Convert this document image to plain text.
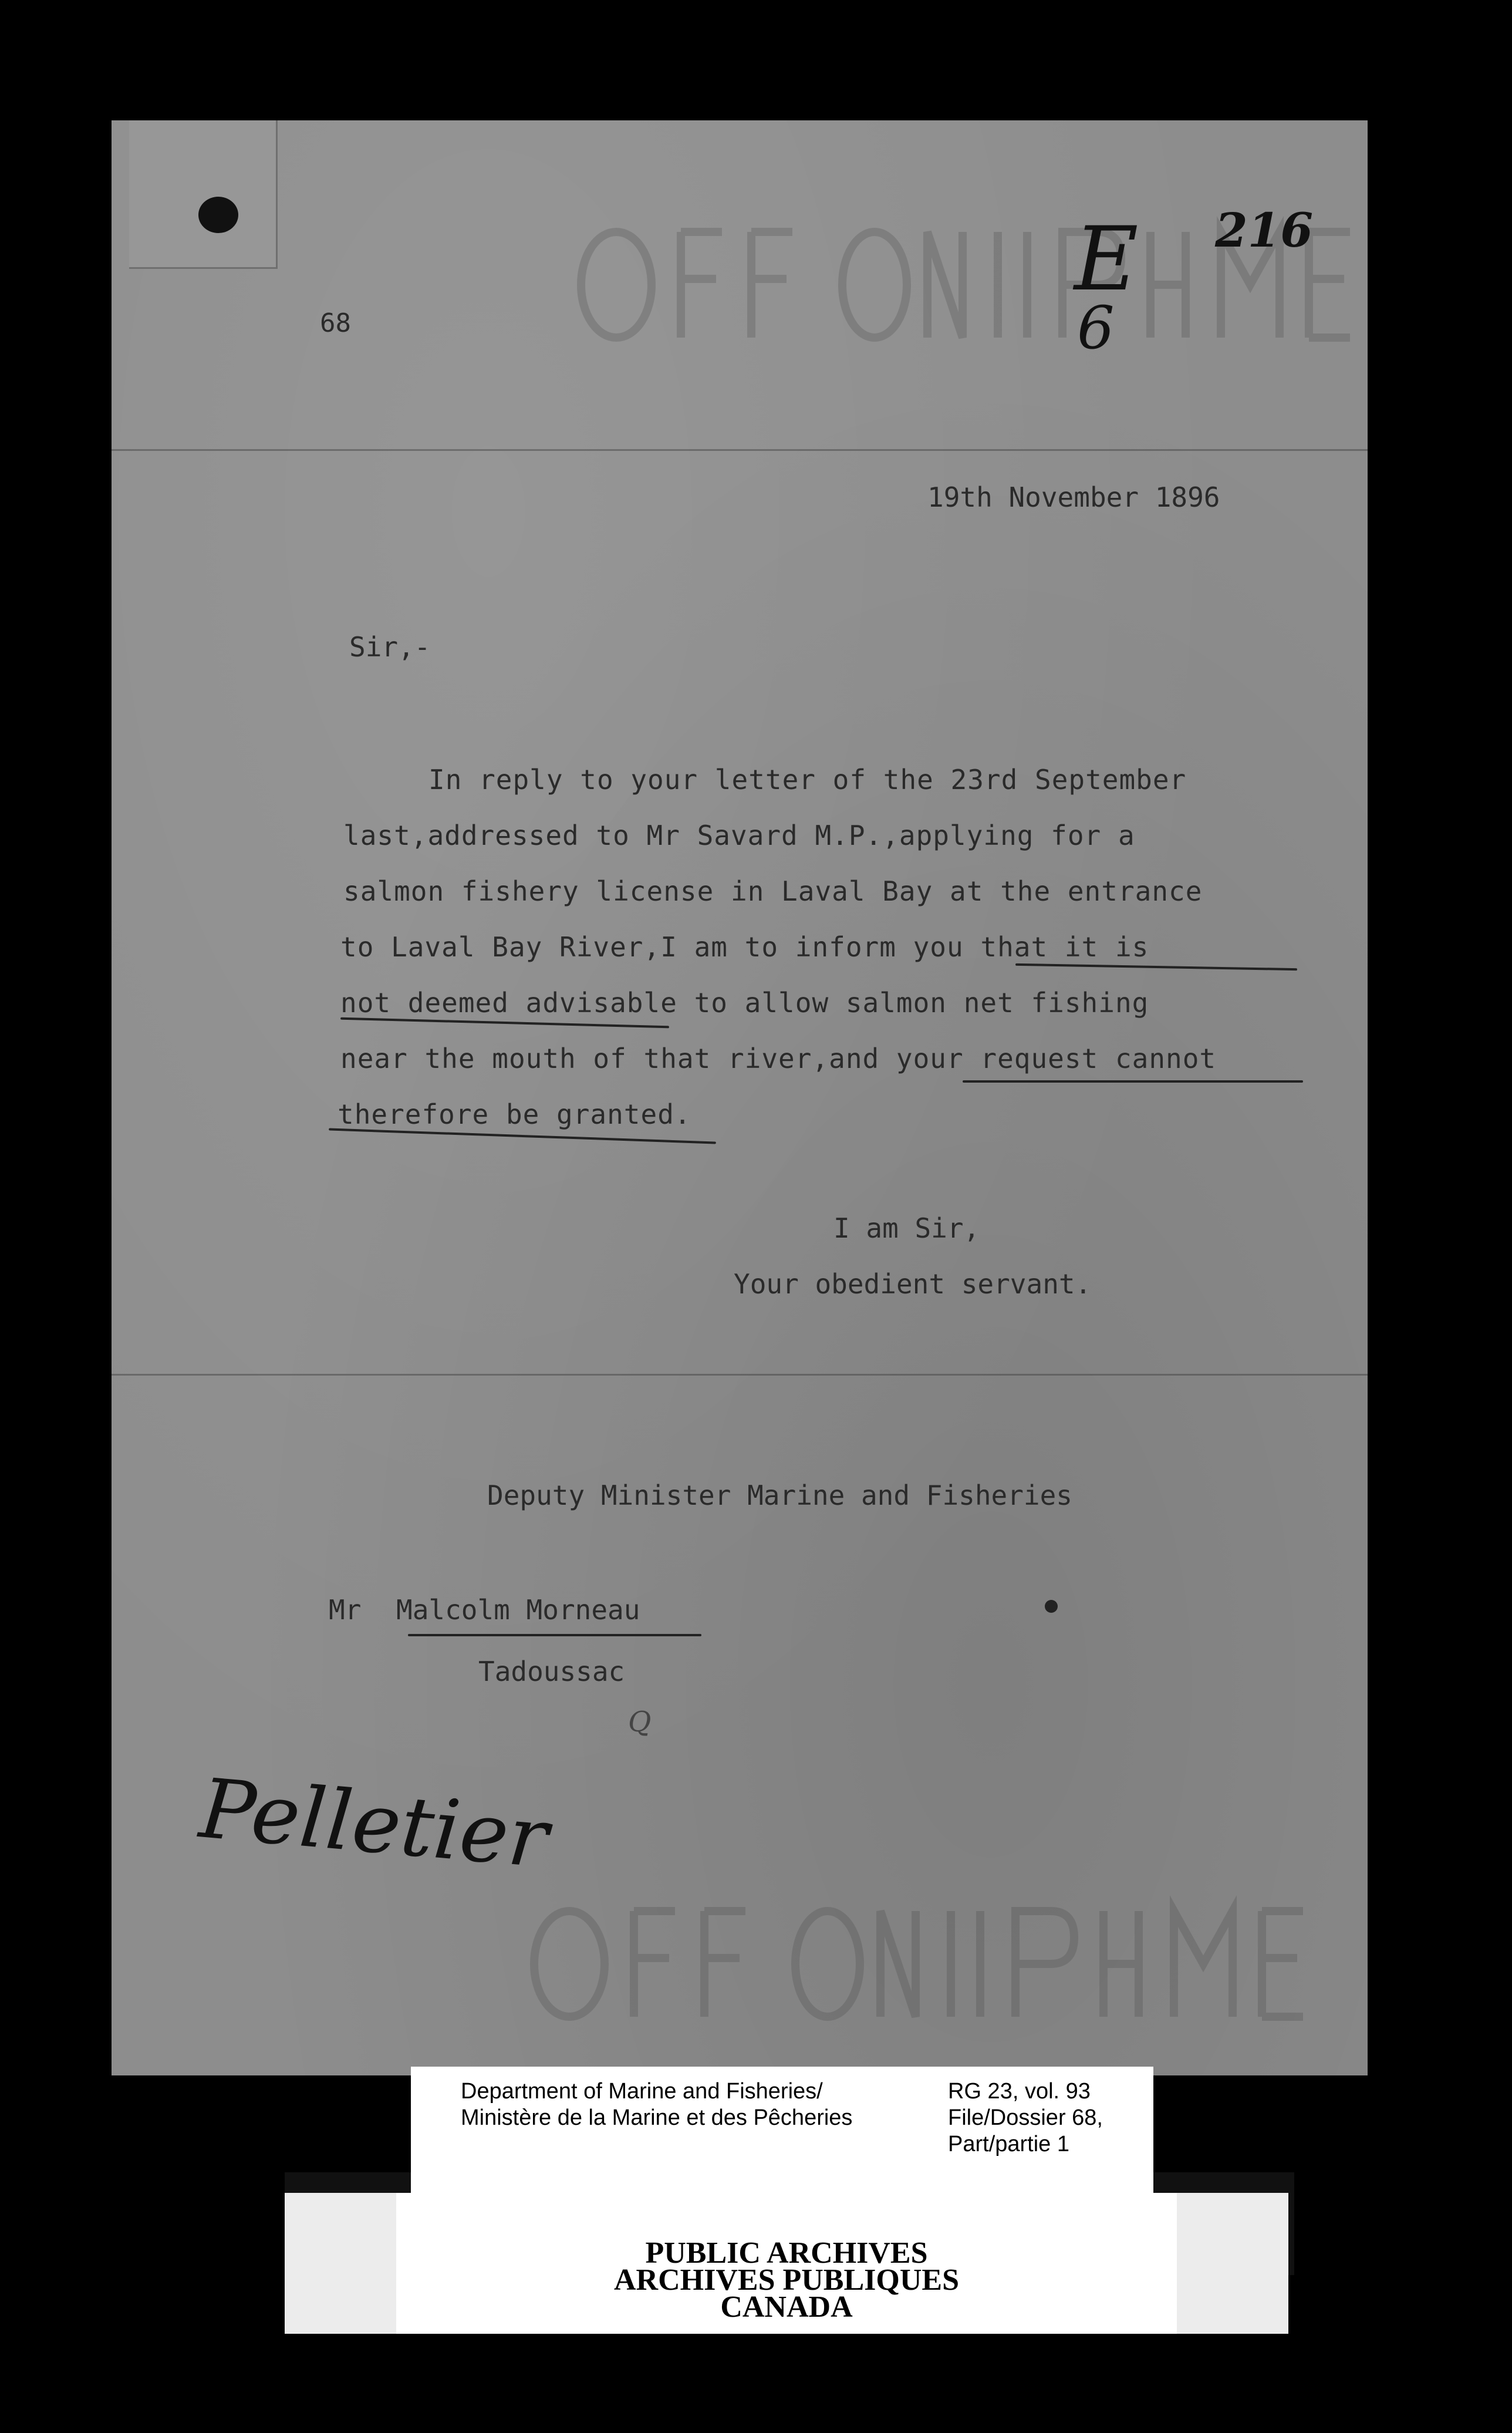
E
6
216
68
19th November 1896
Sir,-
In reply to your letter of the 23rd September
last,addressed to Mr Savard M.P.,applying for a
salmon fishery license in Laval Bay at the entrance
to Laval Bay River,I am to inform you that it is
not deemed advisable to allow salmon net fishing
near the mouth of that river,and your request cannot
therefore be granted.
I am Sir,
Your obedient servant.
Deputy Minister Marine and Fisheries
Mr Malcolm Morneau
Tadoussac
Q
Pelletier
PUBLIC ARCHIVES
ARCHIVES PUBLIQUES
CANADA
Department of Marine and Fisheries/
Ministère de la Marine et des Pêcheries
RG 23, vol. 93
File/Dossier 68,
Part/partie 1
